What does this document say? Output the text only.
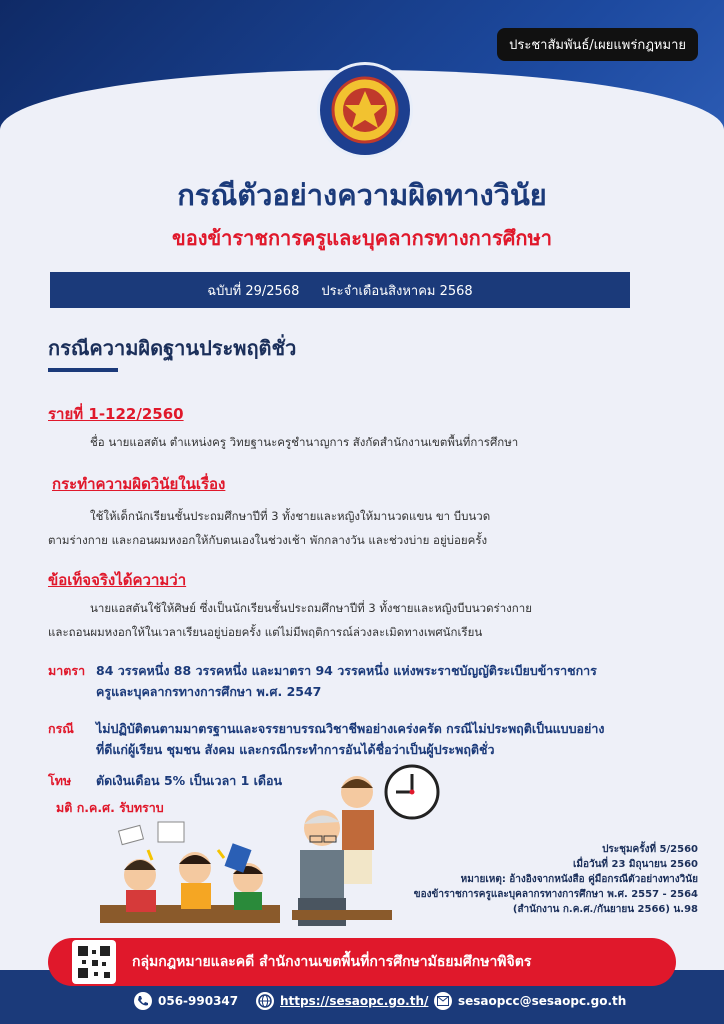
ประชาสัมพันธ์/เผยแพร่กฎหมาย
กรณีตัวอย่างความผิดทางวินัย
ของข้าราชการครูและบุคลากรทางการศึกษา
ฉบับที่ 29/2568 ประจำเดือนสิงหาคม 2568
กรณีความผิดฐานประพฤติชั่ว
รายที่ 1-122/2560

ชื่อ นายแอสตัน ตำแหน่งครู วิทยฐานะครูชำนาญการ สังกัดสำนักงานเขตพื้นที่การศึกษา

กระทำความผิดวินัยในเรื่อง

ใช้ให้เด็กนักเรียนชั้นประถมศึกษาปีที่ 3 ทั้งชายและหญิงให้มานวดแขน ขา บีบนวด
ตามร่างกาย และกอนผมหงอกให้กับตนเองในช่วงเช้า พักกลางวัน และช่วงบ่าย อยู่บ่อยครั้ง

ข้อเท็จจริงได้ความว่า

นายแอสตันใช้ให้ศิษย์ ซึ่งเป็นนักเรียนชั้นประถมศึกษาปีที่ 3 ทั้งชายและหญิงบีบนวดร่างกาย
และถอนผมหงอกให้ในเวลาเรียนอยู่บ่อยครั้ง แต่ไม่มีพฤติการณ์ล่วงละเมิดทางเพศนักเรียน

มาตรา 84 วรรคหนึ่ง 88 วรรคหนึ่ง และมาตรา 94 วรรคหนึ่ง แห่งพระราชบัญญัติระเบียบข้าราชการ
ครูและบุคลากรทางการศึกษา พ.ศ. 2547
กรณี	ไม่ปฏิบัติตนตามมาตรฐานและจรรยาบรรณวิชาชีพอย่างเคร่งครัด กรณีไม่ประพฤติเป็นแบบอย่าง
ที่ดีแก่ผู้เรียน ชุมชน สังคม และกรณีกระทำการอันได้ชื่อว่าเป็นผู้ประพฤติชั่ว
โทษ	ตัดเงินเดือน 5% เป็นเวลา 1 เดือน
มติ ก.ค.ศ. รับทราบ
ประชุมครั้งที่ 5/2560
เมื่อวันที่ 23 มิถุนายน 2560
หมายเหตุ: อ้างอิงจากหนังสือ คู่มือกรณีตัวอย่างทางวินัย
ของข้าราชการครูและบุคลากรทางการศึกษา พ.ศ. 2557 - 2564
(สำนักงาน ก.ค.ศ./กันยายน 2566) น.98
กลุ่มกฎหมายและคดี สำนักงานเขตพื้นที่การศึกษามัธยมศึกษาพิจิตร
056-990347	https://sesaopc.go.th/ sesaopcc@sesaopc.go.th
